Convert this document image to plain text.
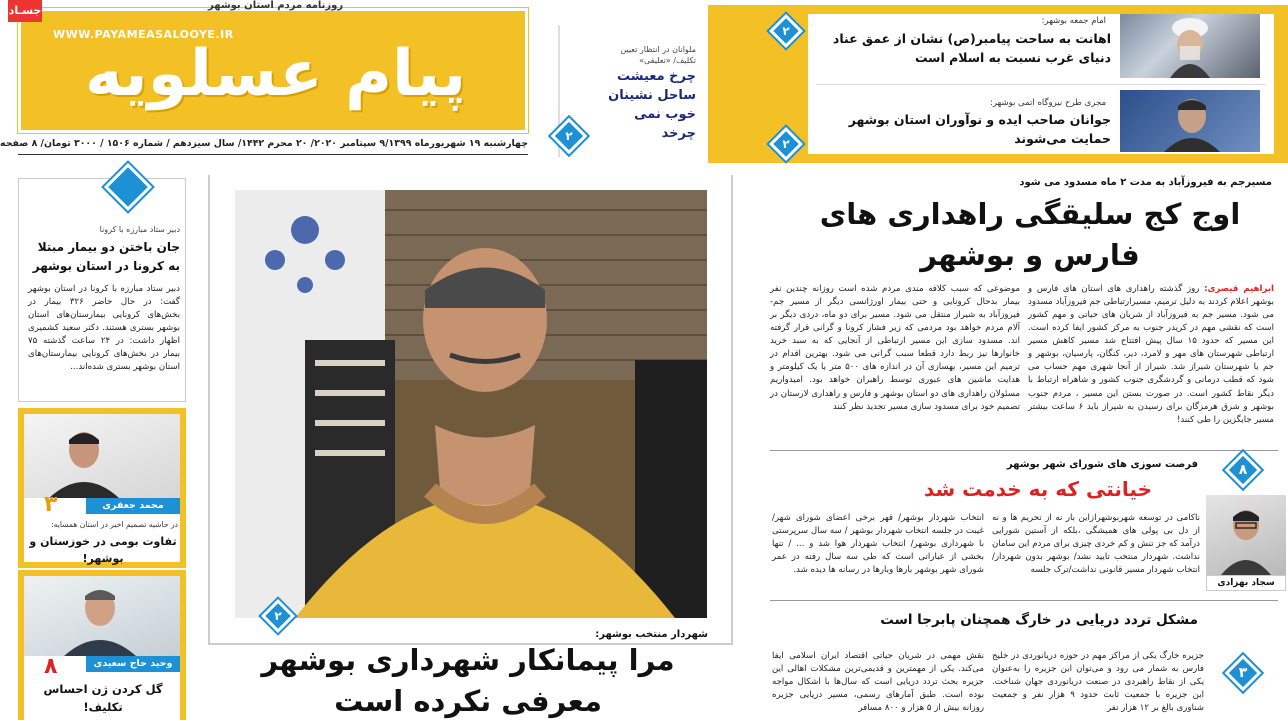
روزنامه مردم استان بوشهر
جسـاد
WWW.PAYAMEASALOOYE.IR
پیام عسلویه
چهارشنبه ۱۹ شهریورماه ۹/۱۳۹۹ سپتامبر ۲۰۲۰/ ۲۰ محرم ۱۴۴۲/ سال سیزدهم / شماره ۱۵۰۶ / ۳۰۰۰ تومان/ ۸ صفحه
ملوانان در انتظار تعیین تکلیف/ «تعلیقی»
چرخ معیشت ساحل نشینان خوب نمی چرخد
۲
امام جمعه بوشهر:
اهانت به ساحت پیامبر(ص) نشان از عمق عناد دنیای غرب نسبت به اسلام است
۲
مجری طرح نیروگاه اتمی بوشهر:
جوانان صاحب ایده و نوآوران استان بوشهر حمایت می‌شوند
۲
مسیرجم به فیروزآباد به مدت ۲ ماه مسدود می شود
اوج کج سلیقگی راهداری های فارس و بوشهر
ابراهیم قیصری: روز گذشته راهداری های استان های فارس و بوشهر اعلام کردند به دلیل ترمیم، مسیرارتباطی جم فیروزآباد مسدود می شود. مسیر جم به فیروزآباد از شریان های حیاتی و مهم کشور است که نقشی مهم در کریدر جنوب به مرکز کشور ایفا کرده است. این مسیر که حدود ۱۵ سال پیش افتتاح شد مسیر کاهش مسیر ارتباطی شهرستان های مهر و لامرد، دیر، کنگان، پارسیان، بوشهر و جم با شهرستان شیراز شد. شیراز از آنجا شهری مهم حساب می شود که قطب درمانی و گردشگری جنوب کشور و شاهراه ارتباط با دیگر نقاط کشور است. در صورت بستن این مسیر ، مردم جنوب بوشهر و شرق هرمزگان برای رسیدن به شیراز باید ۶ ساعت بیشتر مسیر جایگزین را طی کنند!
موضوعی که سبب کلافه مندی مردم شده است روزانه چندین نفر بیمار بدحال کرونایی و حتی بیمار اورژانسی دیگر از مسیر جم- فیروزآباد به شیراز منتقل می شود. مسیر برای دو ماه، دردی دیگر بر آلام مردم خواهد بود مردمی که زیر فشار کرونا و گرانی قرار گرفته اند. مسدود سازی این مسیر ارتباطی از آنجایی که به سبد خرید خانوارها نیز ربط دارد قطعا سبب گرانی می شود. بهترین اقدام در ترمیم این مسیر، بهسازی آن در اندازه های ۵۰۰ متر یا یک کیلومتر و هدایت ماشین های عبوری توسط راهبران خواهد بود. امیدواریم مسئولان راهداری های دو استان بوشهر و فارس و راهداری لارستان در تصمیم خود برای مسدود سازی مسیر تجدید نظر کنند
۸
فرصت سوزی های شورای شهر بوشهر
خیانتی که به خدمت شد
سجاد بهزادی
ناکامی در توسعه شهربوشهرازاین بار نه از تحریم ها و نه از دل بی پولی های همیشگی ،بلکه از آستین شورایی درآمد که جز تنش و کم خردی چیزی برای مردم این سامان نداشت. شهردار منتخب تایید نشد/ بوشهر بدون شهردار/ انتخاب شهردار مسیر قانونی نداشت/ترک جلسه
انتخاب شهردار بوشهر/ قهر برخی اعضای شورای شهر/ غیبت در جلسه انتخاب شهردار بوشهر / سه سال سرپرستی با شهرداری بوشهر/ انتخاب شهردار هوا شد و ... / تنها بخشی از عباراتی است که طی سه سال رفته در عمر شورای شهر بوشهر بارها وبارها در رسانه ها دیده شد.
مشکل تردد دریایی در خارگ همچنان پابرجا است
۳
جزیره خارگ یکی از مراکز مهم در حوزه دریانوردی در خلیج فارس به شمار می رود و می‌توان این جزیره را به‌عنوان یکی از نقاط راهبردی در صنعت دریانوردی جهان شناخت. این جزیره با جمعیت ثابت حدود ۹ هزار نفر و جمعیت شناوری بالغ بر ۱۲ هزار نفر
نقش مهمی در شریان حیاتی اقتصاد ایران اسلامی ایفا می‌کند. یکی از مهمترین و قدیمی‌ترین مشکلات اهالی این جزیره بحث تردد دریایی است که سال‌ها با اشکال مواجه بوده است. طبق آمارهای رسمی، مسیر دریایی جزیره روزانه بیش از ۵ هزار و ۸۰۰ مسافر
۲
شهردار منتخب بوشهر:
مرا پیمانکار شهرداری بوشهر معرفی نکرده است
دبیر ستاد مبارزه با کرونا
جان باختن دو بیمار مبتلا به کرونا در استان بوشهر
دبیر ستاد مبارزه با کرونا در استان بوشهر گفت: در حال حاضر ۳۲۶ بیمار در بخش‌های کرونایی بیمارستان‌های استان بوشهر بستری هستند. دکتر سعید کشمیری اظهار داشت: در ۲۴ ساعت گذشته ۷۵ بیمار در بخش‌های کرونایی بیمارستان‌های استان بوشهر بستری شده‌اند...
۳	محمد جعفری
در حاشیه تصمیم اخیر در استان همسایه:
تفاوت بومی در خوزستان و بوشهر!
۸	وحید حاج سعیدی
گل کردن ژن احساس تکلیف!
